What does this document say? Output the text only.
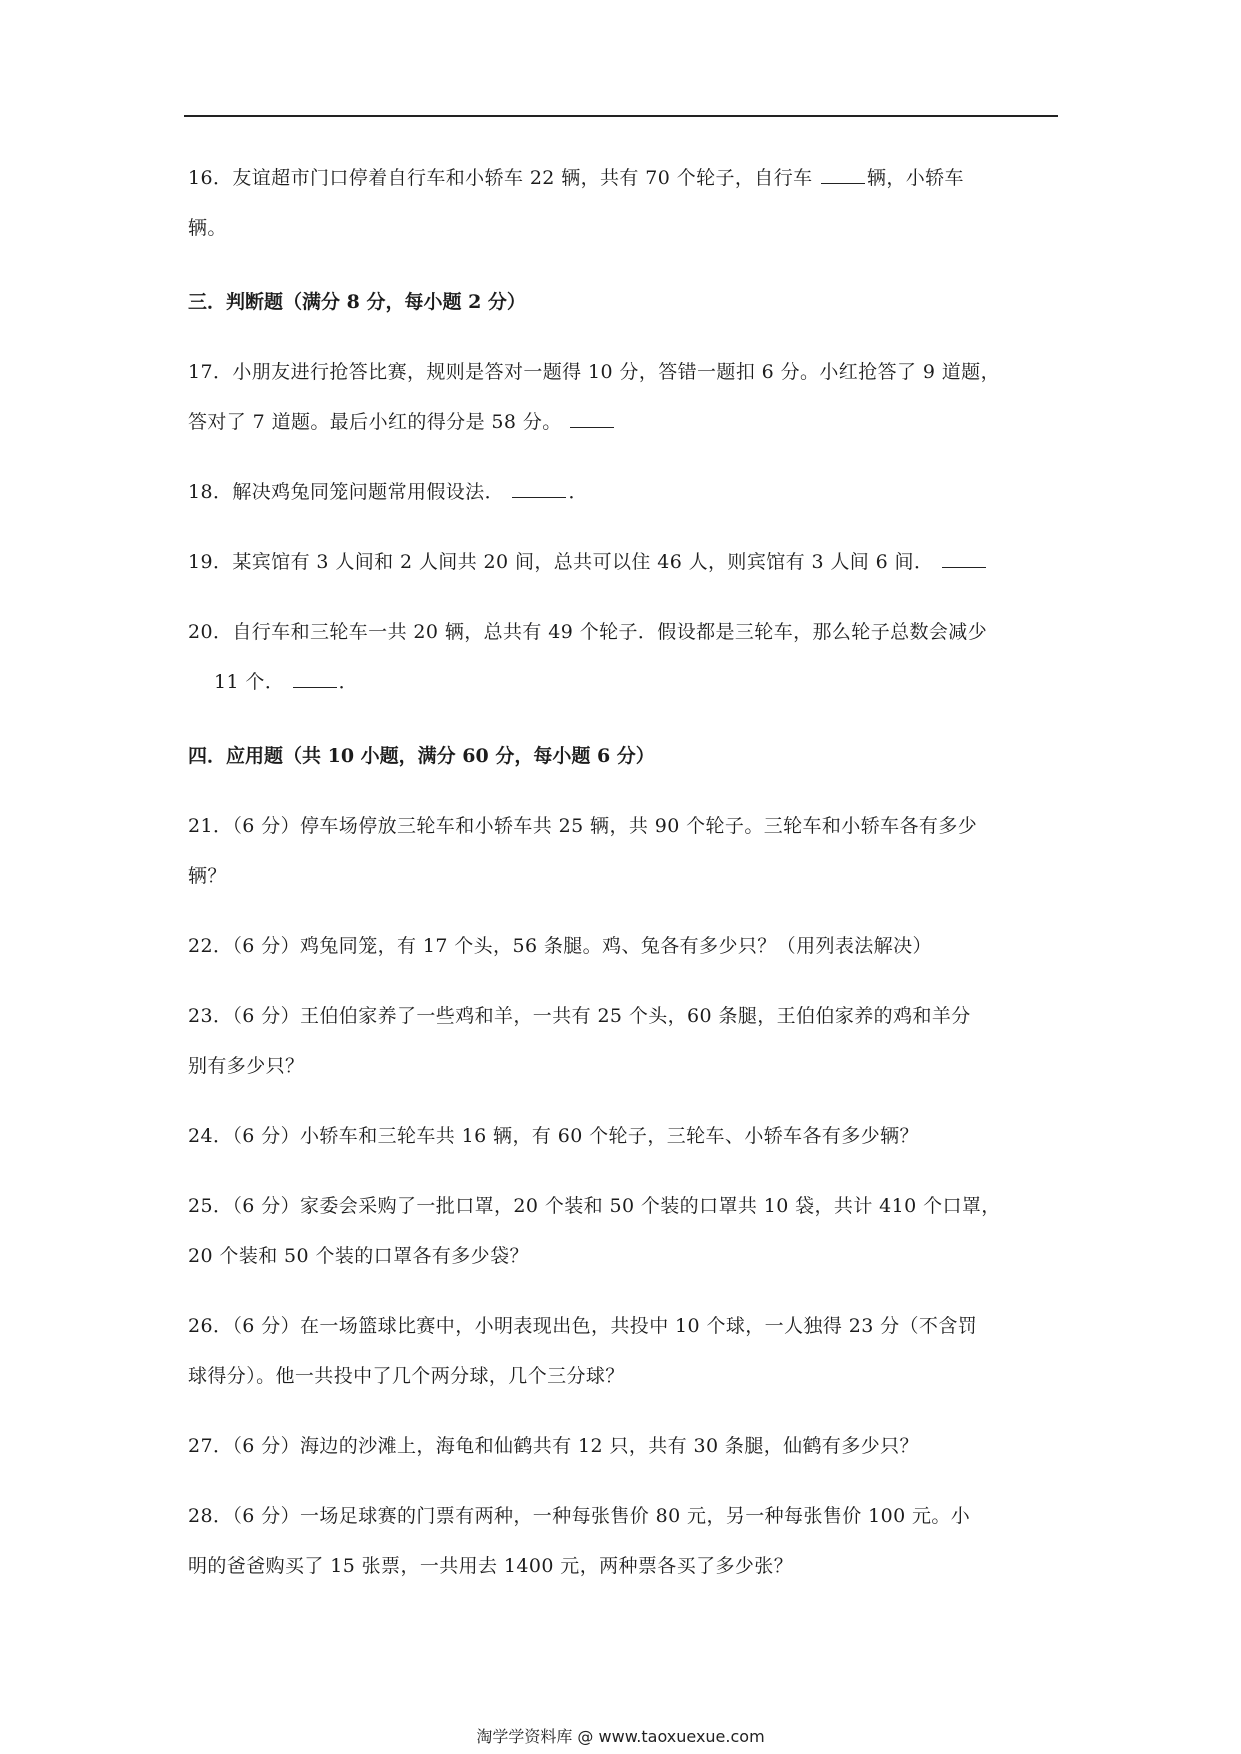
16．友谊超市门口停着自行车和小轿车 22 辆，共有 70 个轮子，自行车	辆，小轿车
辆。

三．判断题（满分 8 分，每小题 2 分）

17．小朋友进行抢答比赛，规则是答对一题得 10 分，答错一题扣 6 分。小红抢答了 9 道题，
答对了 7 道题。最后小红的得分是 58 分。

18．解决鸡兔同笼问题常用假设法．	．

19．某宾馆有 3 人间和 2 人间共 20 间，总共可以住 46 人，则宾馆有 3 人间 6 间．

20．自行车和三轮车一共 20 辆，总共有 49 个轮子．假设都是三轮车，那么轮子总数会减少
11 个．	．

四．应用题（共 10 小题，满分 60 分，每小题 6 分）

21．（6 分）停车场停放三轮车和小轿车共 25 辆，共 90 个轮子。三轮车和小轿车各有多少
辆？

22．（6 分）鸡兔同笼，有 17 个头，56 条腿。鸡、兔各有多少只？（用列表法解决）

23．（6 分）王伯伯家养了一些鸡和羊，一共有 25 个头，60 条腿，王伯伯家养的鸡和羊分
别有多少只？

24．（6 分）小轿车和三轮车共 16 辆，有 60 个轮子，三轮车、小轿车各有多少辆？

25．（6 分）家委会采购了一批口罩，20 个装和 50 个装的口罩共 10 袋，共计 410 个口罩，
20 个装和 50 个装的口罩各有多少袋？

26．（6 分）在一场篮球比赛中，小明表现出色，共投中 10 个球，一人独得 23 分（不含罚
球得分）。他一共投中了几个两分球，几个三分球？

27．（6 分）海边的沙滩上，海龟和仙鹤共有 12 只，共有 30 条腿，仙鹤有多少只？

28．（6 分）一场足球赛的门票有两种，一种每张售价 80 元，另一种每张售价 100 元。小
明的爸爸购买了 15 张票，一共用去 1400 元，两种票各买了多少张？

淘学学资料库 @ www.taoxuexue.com
